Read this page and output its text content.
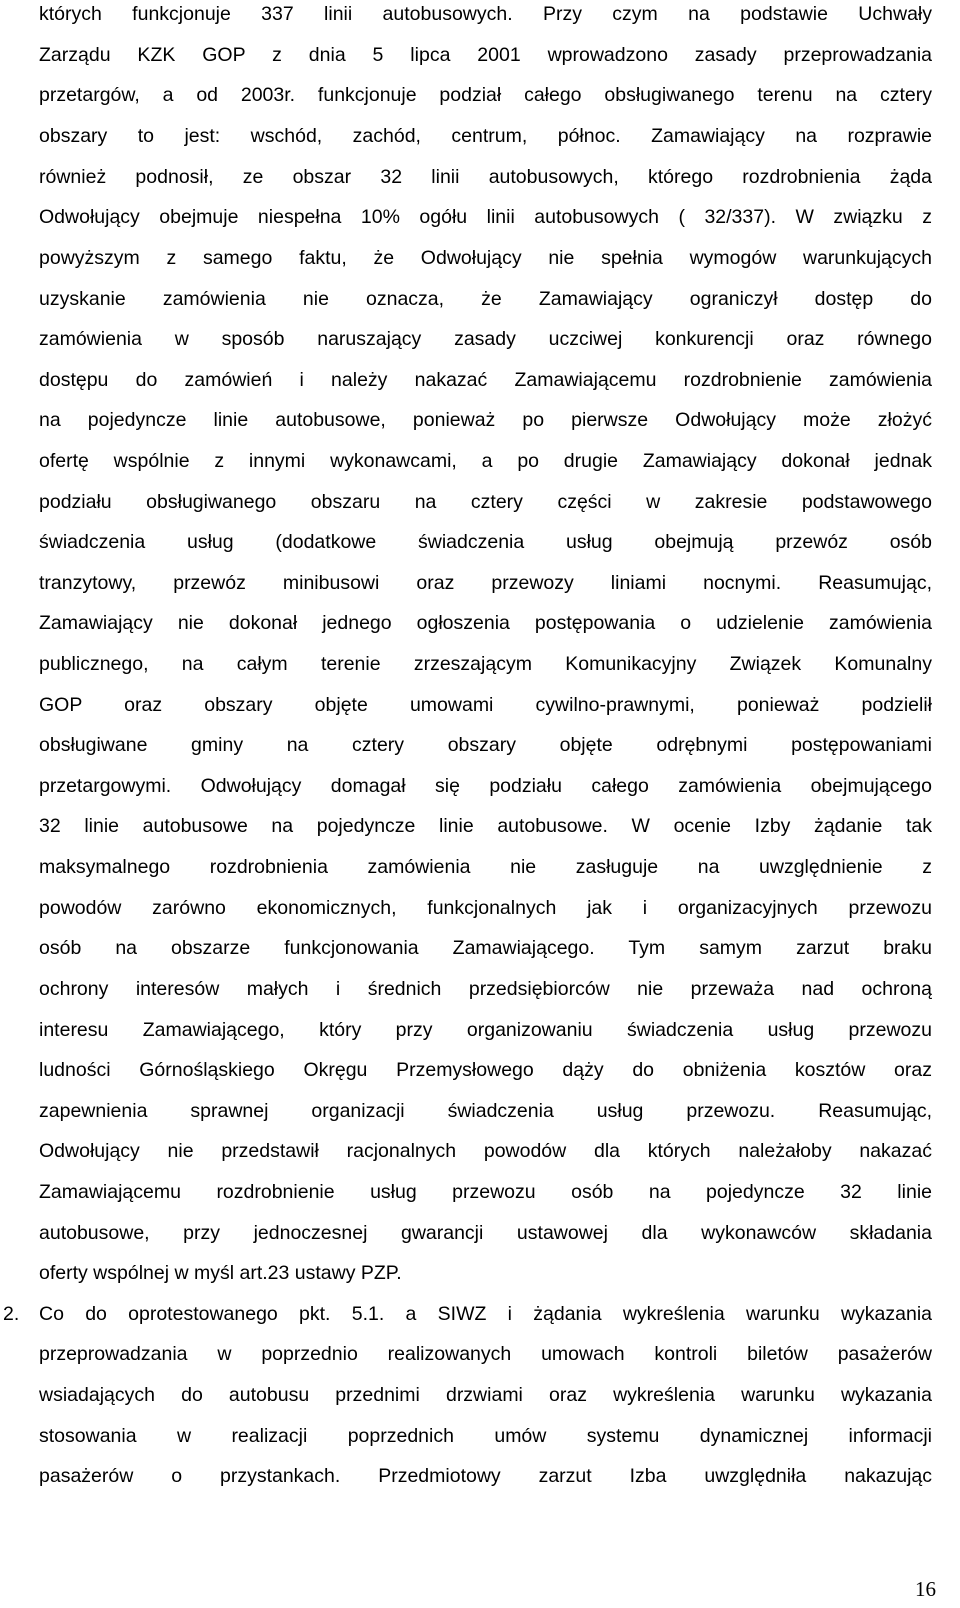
których funkcjonuje 337 linii autobusowych. Przy czym na podstawie Uchwały
Zarządu KZK GOP z dnia 5 lipca 2001 wprowadzono zasady przeprowadzania
przetargów, a od 2003r. funkcjonuje podział całego obsługiwanego terenu na cztery
obszary to jest: wschód, zachód, centrum, północ. Zamawiający na rozprawie
również podnosił, ze obszar 32 linii autobusowych, którego rozdrobnienia żąda
Odwołujący obejmuje niespełna 10% ogółu linii autobusowych ( 32/337). W związku z
powyższym z samego faktu, że Odwołujący nie spełnia wymogów warunkujących
uzyskanie zamówienia nie oznacza, że Zamawiający ograniczył dostęp do
zamówienia w sposób naruszający zasady uczciwej konkurencji oraz równego
dostępu do zamówień i należy nakazać Zamawiającemu rozdrobnienie zamówienia
na pojedyncze linie autobusowe, ponieważ po pierwsze Odwołujący może złożyć
ofertę wspólnie z innymi wykonawcami, a po drugie Zamawiający dokonał jednak
podziału obsługiwanego obszaru na cztery części w zakresie podstawowego
świadczenia usług (dodatkowe świadczenia usług obejmują przewóz osób
tranzytowy, przewóz minibusowi oraz przewozy liniami nocnymi. Reasumując,
Zamawiający nie dokonał jednego ogłoszenia postępowania o udzielenie zamówienia
publicznego, na całym terenie zrzeszającym Komunikacyjny Związek Komunalny
GOP oraz obszary objęte umowami cywilno-prawnymi, ponieważ podzielił
obsługiwane gminy na cztery obszary objęte odrębnymi postępowaniami
przetargowymi. Odwołujący domagał się podziału całego zamówienia obejmującego
32 linie autobusowe na pojedyncze linie autobusowe. W ocenie Izby żądanie tak
maksymalnego rozdrobnienia zamówienia nie zasługuje na uwzględnienie z
powodów zarówno ekonomicznych, funkcjonalnych jak i organizacyjnych przewozu
osób na obszarze funkcjonowania Zamawiającego. Tym samym zarzut braku
ochrony interesów małych i średnich przedsiębiorców nie przeważa nad ochroną
interesu Zamawiającego, który przy organizowaniu świadczenia usług przewozu
ludności Górnośląskiego Okręgu Przemysłowego dąży do obniżenia kosztów oraz
zapewnienia sprawnej organizacji świadczenia usług przewozu. Reasumując,
Odwołujący nie przedstawił racjonalnych powodów dla których należałoby nakazać
Zamawiającemu rozdrobnienie usług przewozu osób na pojedyncze 32 linie
autobusowe, przy jednoczesnej gwarancji ustawowej dla wykonawców składania
oferty wspólnej w myśl art.23 ustawy PZP.
2. Co do oprotestowanego pkt. 5.1. a SIWZ i żądania wykreślenia warunku wykazania
przeprowadzania w poprzednio realizowanych umowach kontroli biletów pasażerów
wsiadających do autobusu przednimi drzwiami oraz wykreślenia warunku wykazania
stosowania w realizacji poprzednich umów systemu dynamicznej informacji
pasażerów o przystankach. Przedmiotowy zarzut Izba uwzględniła nakazując
16
